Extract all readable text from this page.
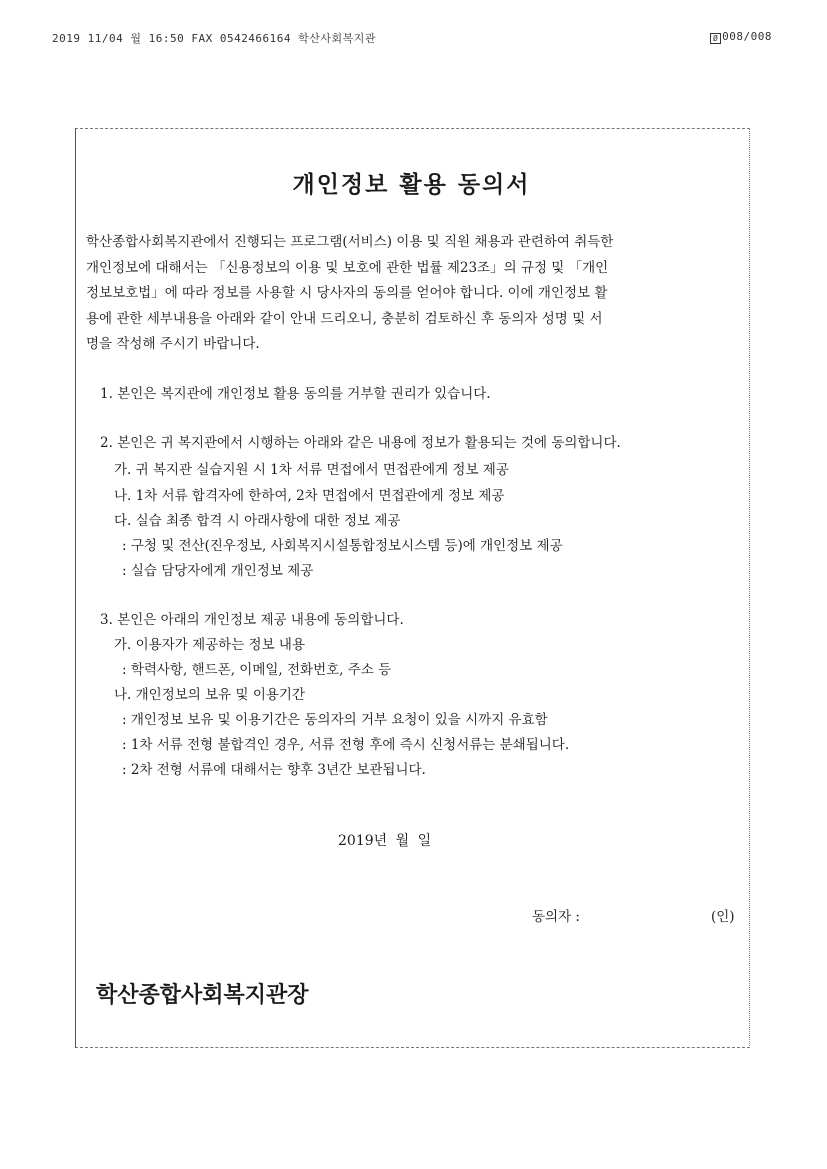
2019 11/04 월 16:50 FAX 0542466164 학산사회복지관	Ø 008/008
개인정보 활용 동의서
학산종합사회복지관에서 진행되는 프로그램(서비스) 이용 및 직원 채용과 관련하여 취득한
개인정보에 대해서는 「신용정보의 이용 및 보호에 관한 법률 제23조」의 규정 및 「개인
정보보호법」에 따라 정보를 사용할 시 당사자의 동의를 얻어야 합니다. 이에 개인정보 활
용에 관한 세부내용을 아래와 같이 안내 드리오니, 충분히 검토하신 후 동의자 성명 및 서
명을 작성해 주시기 바랍니다.

1. 본인은 복지관에 개인정보 활용 동의를 거부할 권리가 있습니다.

2. 본인은 귀 복지관에서 시행하는 아래와 같은 내용에 정보가 활용되는 것에 동의합니다.

가. 귀 복지관 실습지원 시 1차 서류 면접에서 면접관에게 정보 제공

나. 1차 서류 합격자에 한하여, 2차 면접에서 면접관에게 정보 제공

다. 실습 최종 합격 시 아래사항에 대한 정보 제공

: 구청 및 전산(진우정보, 사회복지시설통합정보시스템 등)에 개인정보 제공

: 실습 담당자에게 개인정보 제공

3. 본인은 아래의 개인정보 제공 내용에 동의합니다.

가. 이용자가 제공하는 정보 내용

: 학력사항, 핸드폰, 이메일, 전화번호, 주소 등

나. 개인정보의 보유 및 이용기간

: 개인정보 보유 및 이용기간은 동의자의 거부 요청이 있을 시까지 유효함

: 1차 서류 전형 불합격인 경우, 서류 전형 후에 즉시 신청서류는 분쇄됩니다.

: 2차 전형 서류에 대해서는 향후 3년간 보관됩니다.

2019년 월 일
동의자 :	(인)
학산종합사회복지관장
